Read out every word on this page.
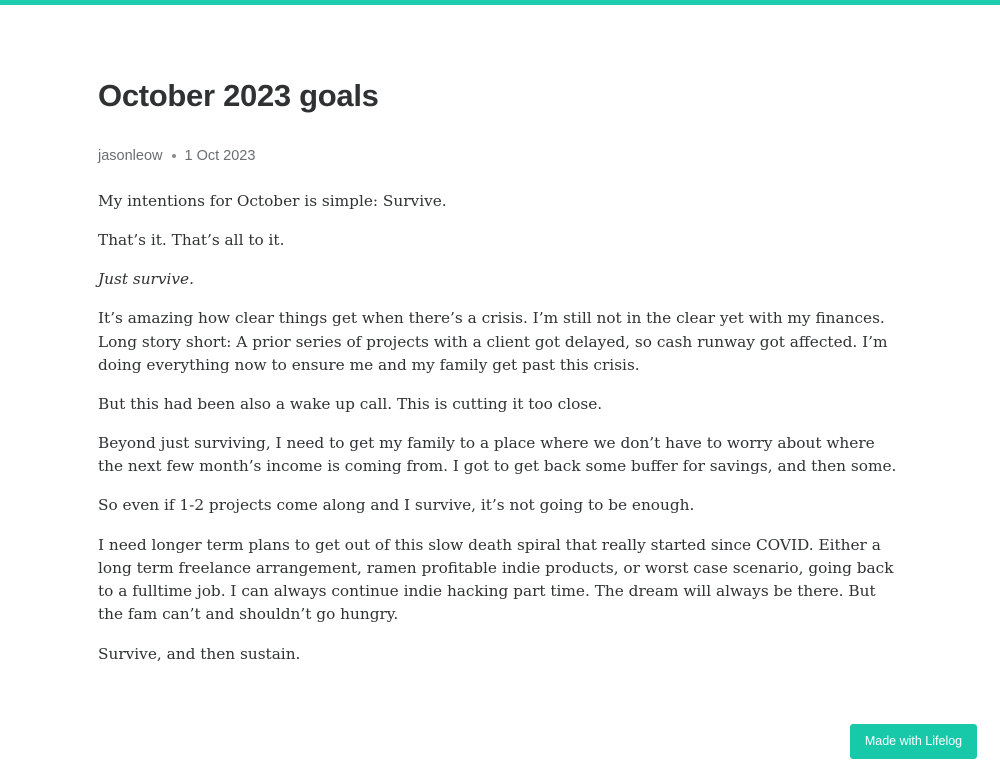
October 2023 goals
jasonleow 1 Oct 2023

My intentions for October is simple: Survive.

That’s it. That’s all to it.

Just survive.

It’s amazing how clear things get when there’s a crisis. I’m still not in the clear yet with my finances. Long story short: A prior series of projects with a client got delayed, so cash runway got affected. I’m doing everything now to ensure me and my family get past this crisis.

But this had been also a wake up call. This is cutting it too close.

Beyond just surviving, I need to get my family to a place where we don’t have to worry about where the next few month’s income is coming from. I got to get back some buffer for savings, and then some.

So even if 1-2 projects come along and I survive, it’s not going to be enough.

I need longer term plans to get out of this slow death spiral that really started since COVID. Either a long term freelance arrangement, ramen profitable indie products, or worst case scenario, going back to a fulltime job. I can always continue indie hacking part time. The dream will always be there. But the fam can’t and shouldn’t go hungry.

Survive, and then sustain.

Made with Lifelog
